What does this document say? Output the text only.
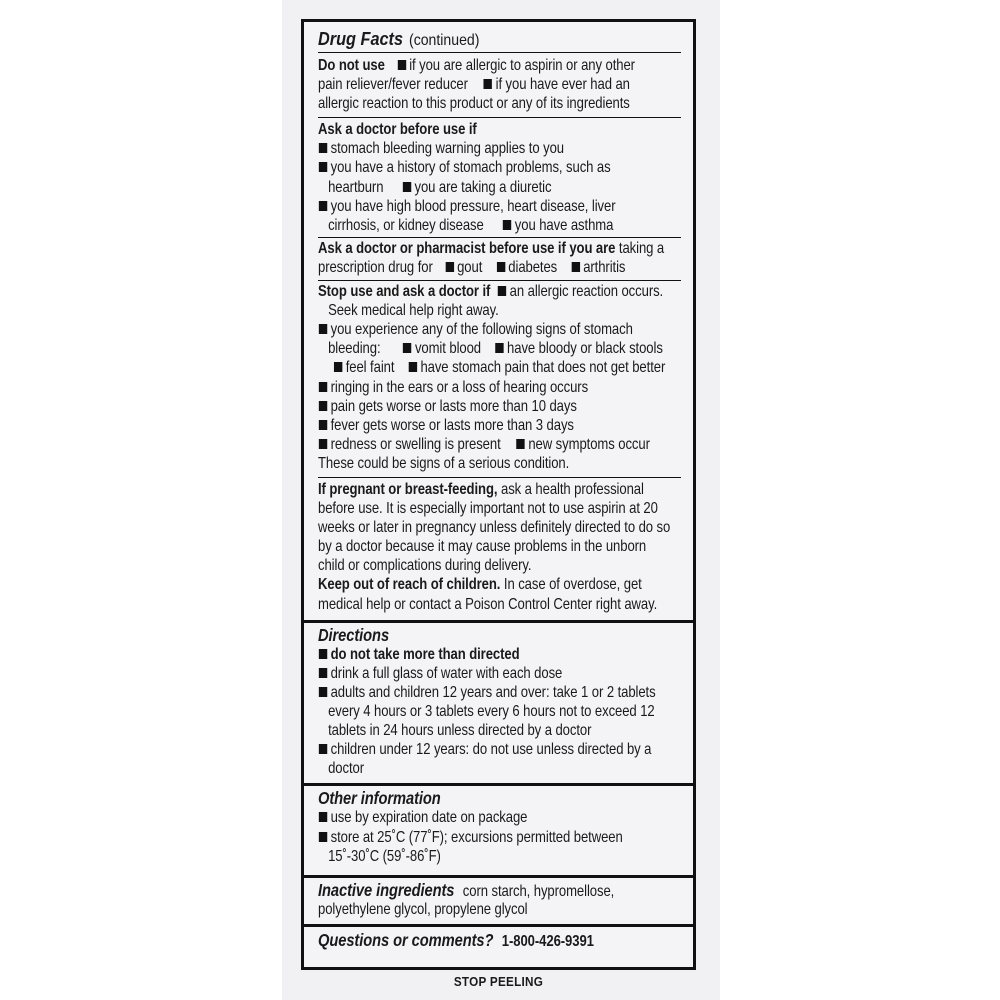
Drug Facts (continued)
Do not use if you are allergic to aspirin or any other
pain reliever/fever reducer if you have ever had an
allergic reaction to this product or any of its ingredients
Ask a doctor before use if
stomach bleeding warning applies to you
you have a history of stomach problems, such as
heartburn you are taking a diuretic
you have high blood pressure, heart disease, liver
cirrhosis, or kidney disease you have asthma
Ask a doctor or pharmacist before use if you are taking a
prescription drug for gout diabetes arthritis
Stop use and ask a doctor if an allergic reaction occurs.
Seek medical help right away.
you experience any of the following signs of stomach
bleeding: vomit blood have bloody or black stools
feel faint have stomach pain that does not get better
ringing in the ears or a loss of hearing occurs
pain gets worse or lasts more than 10 days
fever gets worse or lasts more than 3 days
redness or swelling is present new symptoms occur
These could be signs of a serious condition.
If pregnant or breast-feeding, ask a health professional
before use. It is especially important not to use aspirin at 20
weeks or later in pregnancy unless definitely directed to do so
by a doctor because it may cause problems in the unborn
child or complications during delivery.
Keep out of reach of children. In case of overdose, get
medical help or contact a Poison Control Center right away.
Directions
do not take more than directed
drink a full glass of water with each dose
adults and children 12 years and over: take 1 or 2 tablets
every 4 hours or 3 tablets every 6 hours not to exceed 12
tablets in 24 hours unless directed by a doctor
children under 12 years: do not use unless directed by a
doctor
Other information
use by expiration date on package
store at 25˚C (77˚F); excursions permitted between
15˚-30˚C (59˚-86˚F)
Inactive ingredients corn starch, hypromellose,
polyethylene glycol, propylene glycol
Questions or comments? 1-800-426-9391
STOP PEELING
